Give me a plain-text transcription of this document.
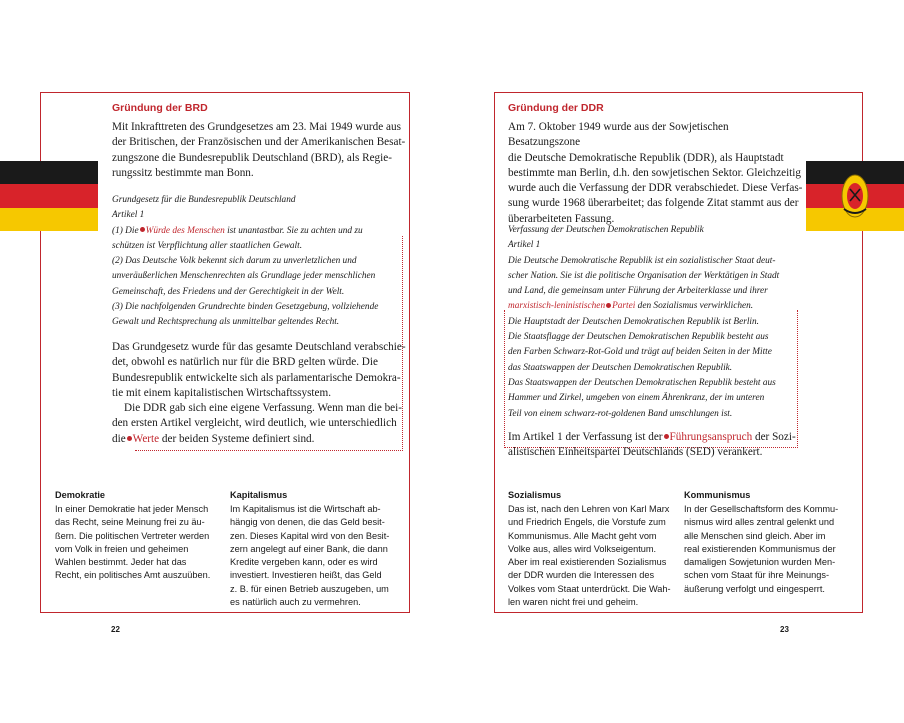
Gründung der BRD

Mit Inkrafttreten des Grundgesetzes am 23. Mai 1949 wurde aus

der Britischen, der Französischen und der Amerikanischen Besat-

zungszone die Bundesrepublik Deutschland (BRD), als Regie-

rungssitz bestimmte man Bonn.

Grundgesetz für die Bundesrepublik Deutschland

Artikel 1

(1) Die Würde des Menschen ist unantastbar. Sie zu achten und zu

schützen ist Verpflichtung aller staatlichen Gewalt.

(2) Das Deutsche Volk bekennt sich darum zu unverletzlichen und

unveräußerlichen Menschenrechten als Grundlage jeder menschlichen

Gemeinschaft, des Friedens und der Gerechtigkeit in der Welt.

(3) Die nachfolgenden Grundrechte binden Gesetzgebung, vollziehende

Gewalt und Rechtsprechung als unmittelbar geltendes Recht.

Das Grundgesetz wurde für das gesamte Deutschland verabschie-

det, obwohl es natürlich nur für die BRD gelten würde. Die

Bundesrepublik entwickelte sich als parlamentarische Demokra-

tie mit einem kapitalistischen Wirtschaftssystem.

Die DDR gab sich eine eigene Verfassung. Wenn man die bei-

den ersten Artikel vergleicht, wird deutlich, wie unterschiedlich

die Werte der beiden Systeme definiert sind.

Demokratie

In einer Demokratie hat jeder Mensch

das Recht, seine Meinung frei zu äu-

ßern. Die politischen Vertreter werden

vom Volk in freien und geheimen

Wahlen bestimmt. Jeder hat das

Recht, ein politisches Amt auszuüben.

Kapitalismus

Im Kapitalismus ist die Wirtschaft ab-

hängig von denen, die das Geld besit-

zen. Dieses Kapital wird von den Besit-

zern angelegt auf einer Bank, die dann

Kredite vergeben kann, oder es wird

investiert. Investieren heißt, das Geld

z. B. für einen Betrieb auszugeben, um

es natürlich auch zu vermehren.

22
Gründung der DDR

Am 7. Oktober 1949 wurde aus der Sowjetischen Besatzungszone

die Deutsche Demokratische Republik (DDR), als Hauptstadt

bestimmte man Berlin, d.h. den sowjetischen Sektor. Gleichzeitig

wurde auch die Verfassung der DDR verabschiedet. Diese Verfas-

sung wurde 1968 überarbeitet; das folgende Zitat stammt aus der

überarbeiteten Fassung.

Verfassung der Deutschen Demokratischen Republik

Artikel 1

Die Deutsche Demokratische Republik ist ein sozialistischer Staat deut-

scher Nation. Sie ist die politische Organisation der Werktätigen in Stadt

und Land, die gemeinsam unter Führung der Arbeiterklasse und ihrer

marxistisch-leninistischen Partei den Sozialismus verwirklichen.

Die Hauptstadt der Deutschen Demokratischen Republik ist Berlin.

Die Staatsflagge der Deutschen Demokratischen Republik besteht aus

den Farben Schwarz-Rot-Gold und trägt auf beiden Seiten in der Mitte

das Staatswappen der Deutschen Demokratischen Republik.

Das Staatswappen der Deutschen Demokratischen Republik besteht aus

Hammer und Zirkel, umgeben von einem Ährenkranz, der im unteren

Teil von einem schwarz-rot-goldenen Band umschlungen ist.

Im Artikel 1 der Verfassung ist der Führungsanspruch der Sozi-

alistischen Einheitspartei Deutschlands (SED) verankert.

Sozialismus

Das ist, nach den Lehren von Karl Marx

und Friedrich Engels, die Vorstufe zum

Kommunismus. Alle Macht geht vom

Volke aus, alles wird Volkseigentum.

Aber im real existierenden Sozialismus

der DDR wurden die Interessen des

Volkes vom Staat unterdrückt. Die Wah-

len waren nicht frei und geheim.

Kommunismus

In der Gesellschaftsform des Kommu-

nismus wird alles zentral gelenkt und

alle Menschen sind gleich. Aber im

real existierenden Kommunismus der

damaligen Sowjetunion wurden Men-

schen vom Staat für ihre Meinungs-

äußerung verfolgt und eingesperrt.

23
